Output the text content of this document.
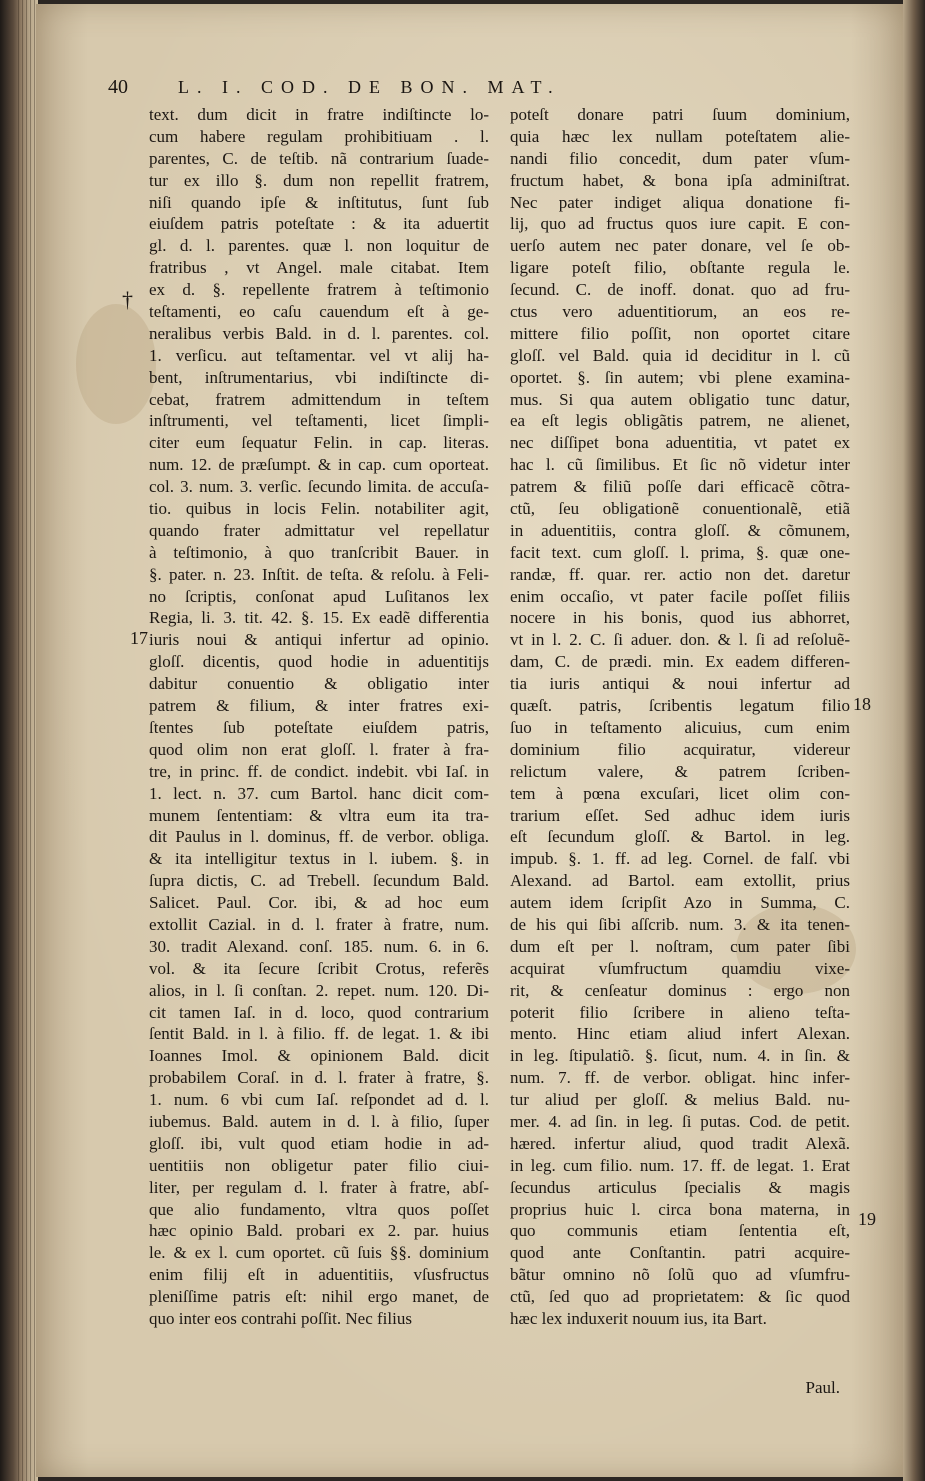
40	L. I. COD. DE BON. MAT.
†
17
18
19
text. dum dicit in fratre indiſtincte lo-
cum habere regulam prohibitiuam . l.
parentes, C. de teſtib. nã contrarium ſuade-
tur ex illo §. dum non repellit fratrem,
niſi quando ipſe & inſtitutus, ſunt ſub
eiuſdem patris poteſtate : & ita aduertit
gl. d. l. parentes. quæ l. non loquitur de
fratribus , vt Angel. male citabat. Item
ex d. §. repellente fratrem à teſtimonio
teſtamenti, eo caſu cauendum eſt à ge-
neralibus verbis Bald. in d. l. parentes. col.
1. verſicu. aut teſtamentar. vel vt alij ha-
bent, inſtrumentarius, vbi indiſtincte di-
cebat, fratrem admittendum in teſtem
inſtrumenti, vel teſtamenti, licet ſimpli-
citer eum ſequatur Felin. in cap. literas.
num. 12. de præſumpt. & in cap. cum oporteat.
col. 3. num. 3. verſic. ſecundo limita. de accuſa-
tio. quibus in locis Felin. notabiliter agit,
quando frater admittatur vel repellatur
à teſtimonio, à quo tranſcribit Bauer. in
§. pater. n. 23. Inſtit. de teſta. & reſolu. à Feli-
no ſcriptis, conſonat apud Luſitanos lex
Regia, li. 3. tit. 42. §. 15. Ex eadẽ differentia
iuris noui & antiqui infertur ad opinio.
gloſſ. dicentis, quod hodie in aduentitijs
dabitur conuentio & obligatio inter
patrem & filium, & inter fratres exi-
ſtentes ſub poteſtate eiuſdem patris,
quod olim non erat gloſſ. l. frater à fra-
tre, in princ. ff. de condict. indebit. vbi Iaſ. in
1. lect. n. 37. cum Bartol. hanc dicit com-
munem ſententiam: & vltra eum ita tra-
dit Paulus in l. dominus, ff. de verbor. obliga.
& ita intelligitur textus in l. iubem. §. in
ſupra dictis, C. ad Trebell. ſecundum Bald.
Salicet. Paul. Cor. ibi, & ad hoc eum
extollit Cazial. in d. l. frater à fratre, num.
30. tradit Alexand. conſ. 185. num. 6. in 6.
vol. & ita ſecure ſcribit Crotus, referẽs
alios, in l. ſi conſtan. 2. repet. num. 120. Di-
cit tamen Iaſ. in d. loco, quod contrarium
ſentit Bald. in l. à filio. ff. de legat. 1. & ibi
Ioannes Imol. & opinionem Bald. dicit
probabilem Coraſ. in d. l. frater à fratre, §.
1. num. 6 vbi cum Iaſ. reſpondet ad d. l.
iubemus. Bald. autem in d. l. à filio, ſuper
gloſſ. ibi, vult quod etiam hodie in ad-
uentitiis non obligetur pater filio ciui-
liter, per regulam d. l. frater à fratre, abſ-
que alio fundamento, vltra quos poſſet
hæc opinio Bald. probari ex 2. par. huius
le. & ex l. cum oportet. cũ ſuis §§. dominium
enim filij eſt in aduentitiis, vſusfructus
pleniſſime patris eſt: nihil ergo manet, de
quo inter eos contrahi poſſit. Nec filius
poteſt donare patri ſuum dominium,
quia hæc lex nullam poteſtatem alie-
nandi filio concedit, dum pater vſum-
fructum habet, & bona ipſa adminiſtrat.
Nec pater indiget aliqua donatione fi-
lij, quo ad fructus quos iure capit. E con-
uerſo autem nec pater donare, vel ſe ob-
ligare poteſt filio, obſtante regula le.
ſecund. C. de inoff. donat. quo ad fru-
ctus vero aduentitiorum, an eos re-
mittere filio poſſit, non oportet citare
gloſſ. vel Bald. quia id deciditur in l. cũ
oportet. §. ſin autem; vbi plene examina-
mus. Si qua autem obligatio tunc datur,
ea eſt legis obligãtis patrem, ne alienet,
nec diſſipet bona aduentitia, vt patet ex
hac l. cũ ſimilibus. Et ſic nõ videtur inter
patrem & filiũ poſſe dari efficacẽ cõtra-
ctũ, ſeu obligationẽ conuentionalẽ, etiã
in aduentitiis, contra gloſſ. & cõmunem,
facit text. cum gloſſ. l. prima, §. quæ one-
randæ, ff. quar. rer. actio non det. daretur
enim occaſio, vt pater facile poſſet filiis
nocere in his bonis, quod ius abhorret,
vt in l. 2. C. ſi aduer. don. & l. ſi ad reſoluẽ-
dam, C. de prædi. min. Ex eadem differen-
tia iuris antiqui & noui infertur ad
quæſt. patris, ſcribentis legatum filio
ſuo in teſtamento alicuius, cum enim
dominium filio acquiratur, videreur
relictum valere, & patrem ſcriben-
tem à pœna excuſari, licet olim con-
trarium eſſet. Sed adhuc idem iuris
eſt ſecundum gloſſ. & Bartol. in leg.
impub. §. 1. ff. ad leg. Cornel. de falſ. vbi
Alexand. ad Bartol. eam extollit, prius
autem idem ſcripſit Azo in Summa, C.
de his qui ſibi aſſcrib. num. 3. & ita tenen-
dum eſt per l. noſtram, cum pater ſibi
acquirat vſumfructum quamdiu vixe-
rit, & cenſeatur dominus : ergo non
poterit filio ſcribere in alieno teſta-
mento. Hinc etiam aliud infert Alexan.
in leg. ſtipulatiõ. §. ſicut, num. 4. in ſin. &
num. 7. ff. de verbor. obligat. hinc infer-
tur aliud per gloſſ. & melius Bald. nu-
mer. 4. ad ſin. in leg. ſi putas. Cod. de petit.
hæred. infertur aliud, quod tradit Alexã.
in leg. cum filio. num. 17. ff. de legat. 1. Erat
ſecundus articulus ſpecialis & magis
proprius huic l. circa bona materna, in
quo communis etiam ſententia eſt,
quod ante Conſtantin. patri acquire-
bãtur omnino nõ ſolũ quo ad vſumfru-
ctũ, ſed quo ad proprietatem: & ſic quod
hæc lex induxerit nouum ius, ita Bart.
Paul.
